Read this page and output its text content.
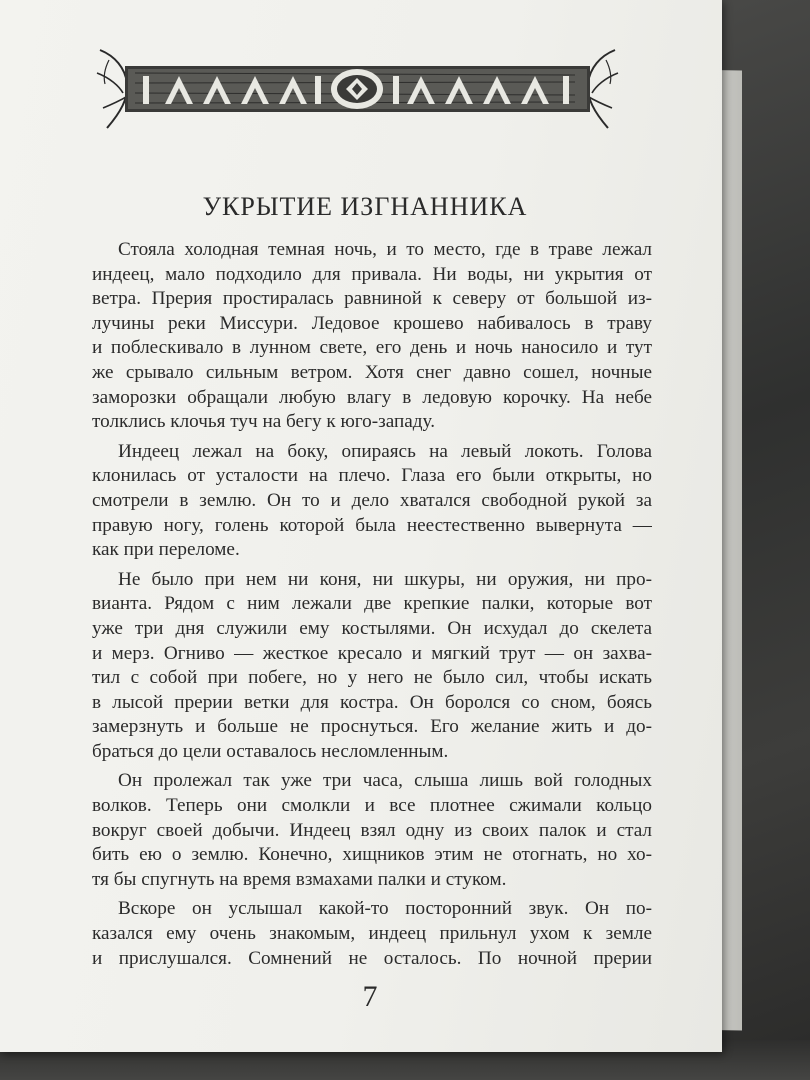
УКРЫТИЕ ИЗГНАННИКА
Стояла холодная темная ночь, и то место, где в траве лежал
индеец, мало подходило для привала. Ни воды, ни укрытия от
ветра. Прерия простиралась равниной к северу от большой из-
лучины реки Миссури. Ледовое крошево набивалось в траву
и поблескивало в лунном свете, его день и ночь наносило и тут
же срывало сильным ветром. Хотя снег давно сошел, ночные
заморозки обращали любую влагу в ледовую корочку. На небе
толклись клочья туч на бегу к юго-западу.
Индеец лежал на боку, опираясь на левый локоть. Голова
клонилась от усталости на плечо. Глаза его были открыты, но
смотрели в землю. Он то и дело хватался свободной рукой за
правую ногу, голень которой была неестественно вывернута —
как при переломе.
Не было при нем ни коня, ни шкуры, ни оружия, ни про-
вианта. Рядом с ним лежали две крепкие палки, которые вот
уже три дня служили ему костылями. Он исхудал до скелета
и мерз. Огниво — жесткое кресало и мягкий трут — он захва-
тил с собой при побеге, но у него не было сил, чтобы искать
в лысой прерии ветки для костра. Он боролся со сном, боясь
замерзнуть и больше не проснуться. Его желание жить и до-
браться до цели оставалось несломленным.
Он пролежал так уже три часа, слыша лишь вой голодных
волков. Теперь они смолкли и все плотнее сжимали кольцо
вокруг своей добычи. Индеец взял одну из своих палок и стал
бить ею о землю. Конечно, хищников этим не отогнать, но хо-
тя бы спугнуть на время взмахами палки и стуком.
Вскоре он услышал какой-то посторонний звук. Он по-
казался ему очень знакомым, индеец прильнул ухом к земле
и прислушался. Сомнений не осталось. По ночной прерии
7
